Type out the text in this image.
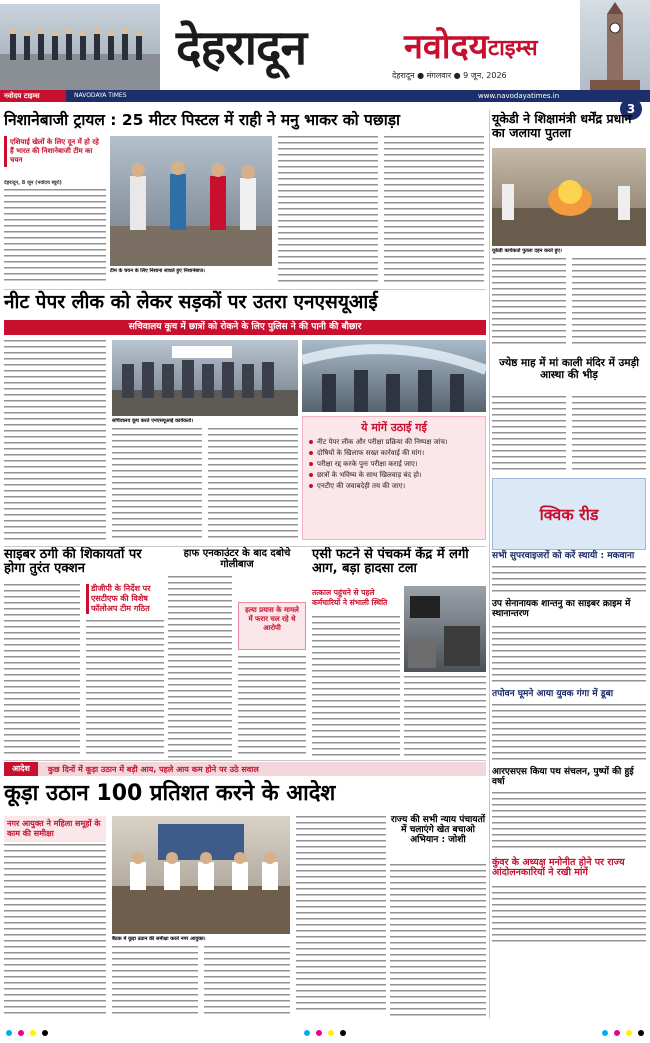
देहरादून	नवोदय टाइम्स
देहरादून ● मंगलवार ● 9 जून, 2026
नवोदय टाइम्स	NAVODAYA TIMES	www.navodayatimes.in
3
निशानेबाजी ट्रायल : 25 मीटर पिस्टल में राही ने मनु भाकर को पछाड़ा
एशियाई खेलों के लिए दून में हो रहे हैं भारत की निशानेबाजी टीम का चयन
देहरादून, 8 जून (नवोदय ब्यूरो)
टीम के चयन के लिए निशाना साधते हुए निशानेबाज।
यूकेडी ने शिक्षामंत्री धर्मेंद्र प्रधान का जलाया पुतला
यूकेडी कार्यकर्ता पुतला दहन करते हुए।
नीट पेपर लीक को लेकर सड़कों पर उतरा एनएसयूआई
सचिवालय कूच में छात्रों को रोकने के लिए पुलिस ने की पानी की बौछार
सचिवालय कूच करते एनएसयूआई कार्यकर्ता।	ये मांगें उठाई गई
नीट पेपर लीक और परीक्षा प्रक्रिया की निष्पक्ष जांच।
दोषियों के खिलाफ सख्त कार्रवाई की मांग।
परीक्षा रद्द करके पुनः परीक्षा कराई जाए।
छात्रों के भविष्य के साथ खिलवाड़ बंद हो।
एनटीए की जवाबदेही तय की जाए।
ज्येष्ठ माह में मां काली मंदिर में उमड़ी आस्था की भीड़
क्विक रीड
साइबर ठगी की शिकायतों पर होगा तुरंत एक्शन
डीजीपी के निर्देश पर एसटीएफ की विशेष फॉलोअप टीम गठित
हाफ एनकाउंटर के बाद दबोचे गोलीबाज
हत्या प्रयास के मामले में फरार चल रहे थे आरोपी
एसी फटने से पंचकर्म केंद्र में लगी आग, बड़ा हादसा टला
तत्काल पहुंचने से पहले कर्मचारियों ने संभाली स्थिति
सभी सुपरवाइजरों को करें स्थायी : मकवाना
उप सेनानायक शान्तनु का साइबर क्राइम में स्थानान्तरण
तपोवन घूमने आया युवक गंगा में डूबा
आरएसएस किया पथ संचलन, पुष्पों की हुई वर्षा
कुंवर के अध्यक्ष मनोनीत होने पर राज्य आंदोलनकारियों ने रखी मांगें
आदेश	कुछ दिनों में कूड़ा उठान में बड़ी आय, पहले आय कम होने पर उठे सवाल
कूड़ा उठान 100 प्रतिशत करने के आदेश
नगर आयुक्त ने महिला समूहों के काम की समीक्षा
बैठक में कूड़ा उठान की समीक्षा करते नगर आयुक्त।
राज्य की सभी न्याय पंचायतों में चलाएंगे खेत बचाओ अभियान : जोशी
